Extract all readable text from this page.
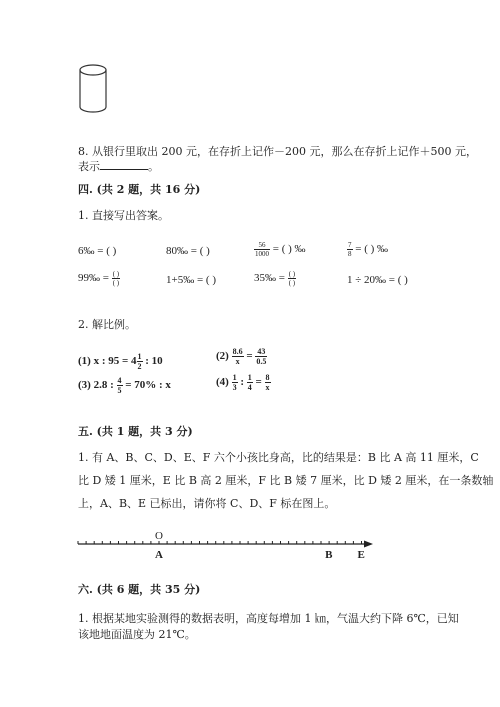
8. 从银行里取出 200 元，在存折上记作－200 元，那么在存折上记作＋500 元，
表示	。
四. (共 2 题，共 16 分)
1. 直接写出答案。
6‰ = ( )	80‰ = ( )	$\frac{56}{1000}$ = ( ) ‰	$\frac{7}{8}$ = ( ) ‰
99‰ = $\frac{( )}{( )}$	1+5‰ = ( )	35‰ = $\frac{( )}{( )}$	1 ÷ 20‰ = ( )
2. 解比例。
(1) x : $95 = 4 \frac{1}{2}$ : 10	$(2) \frac{8.6}{x} = \frac{43}{0.5}$
(3) 2.8 : $\frac{4}{5} = 70\%$ : x	$(4) \frac{1}{3}$ : $\frac{1}{4} = \frac{8}{x}$
五. (共 1 题，共 3 分)
1. 有 A、B、C、D、E、F 六个小孩比身高，比的结果是：B 比 A 高 11 厘米，C
比 D 矮 1 厘米，E 比 B 高 2 厘米，F 比 B 矮 7 厘米，比 D 矮 2 厘米，在一条数轴
上，A、B、E 已标出，请你将 C、D、F 标在图上。
O
A	B E
六. (共 6 题，共 35 分)
1. 根据某地实验测得的数据表明，高度每增加 1 ㎞，气温大约下降 6℃，已知
该地地面温度为 21℃。
